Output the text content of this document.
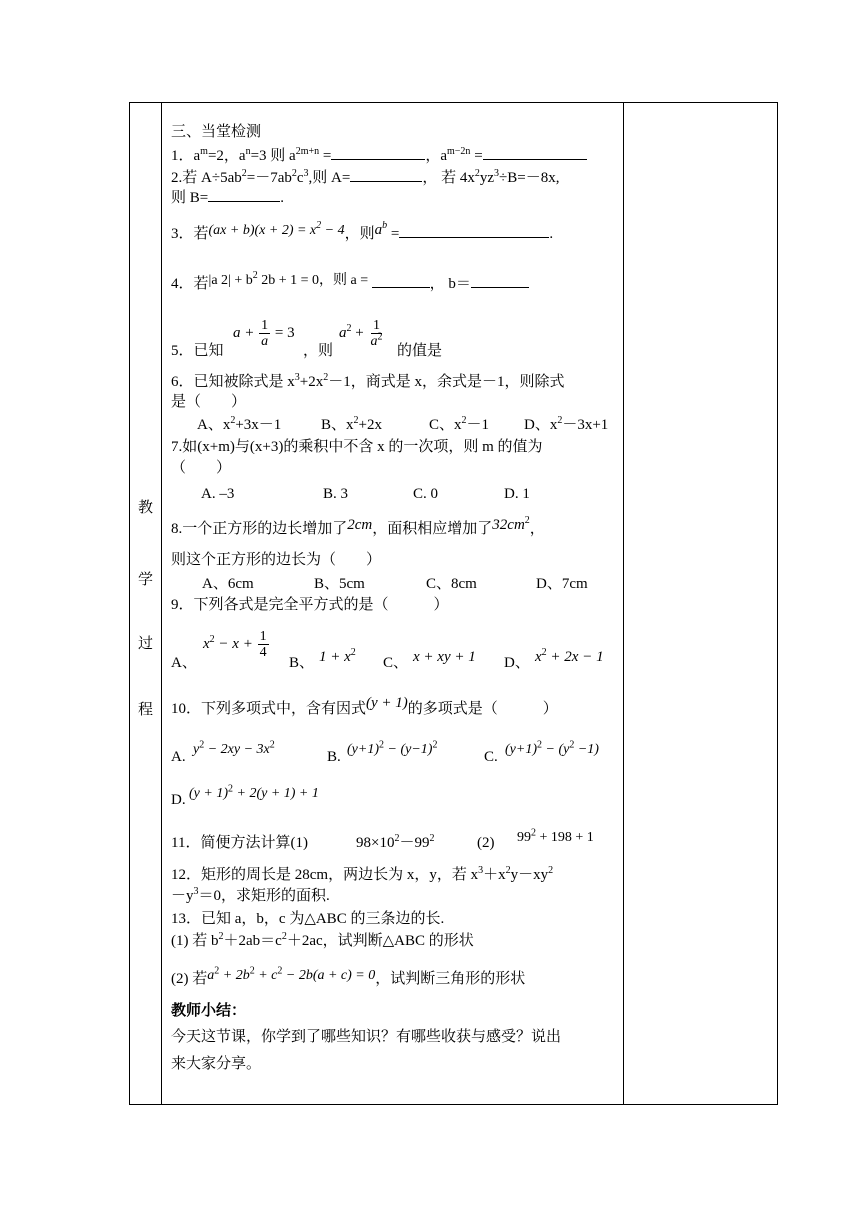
教
学
过
程
三、当堂检测
1．$a^m=2$，$a^n=3$ 则 $a^{2m+n}$ =	，$a^{m-2n}$ =
2.若 $A\div 5ab^2=-7ab^2c^3$,则 A=	， 若 $4x^2yz^3\div B=-8x$,
则 B=	.
3．若$(ax + b)(x + 2) = x^2 - 4$，则$a^b$ =	.
4．若|a $2| + b^2$ 2b + 1 = 0，则 a =	， b＝
5．已知
$a + \frac{1}{a} = 3$
，则
$a^2 + \frac{1}{a^2}$
的值是
6．已知被除式是 $x^3+2x^2-1$，商式是 x，余式是－1，则除式
是（　　）
A、$x^2+3x-1$	B、$x^2+2x$	C、$x^2-1$ D、$x^2-3x+1$
7.如(x+m)与(x+3)的乘积中不含 x 的一次项，则 m 的值为
（　　）
A. –3	B. 3	C. 0	D. 1
8.一个正方形的边长增加了2cm，面积相应增加了$32cm^2$，
则这个正方形的边长为（　　）
A、6cm	B、5cm	C、8cm	D、7cm
9．下列各式是完全平方式的是（　　　）
A、
$x^2 - x + \frac{1}{4}$
B、 $1 + x^2$
C、 x + xy + 1 D、 $x^2 + 2x - 1$
10．下列多项式中，含有因式(y + 1)的多项式是（　　　）
A. $y^2 - 2xy - 3x^2$
B. $(y+1)^2 - (y-1)^2$
C. $(y+1)^2 - (y^2 -1)$
D. $(y + 1)^2 + 2(y + 1) + 1$
11．简便方法计算(1)	$98\times 10^2-99^2$	(2) $99^2 + 198 + 1$
12．矩形的周长是 28cm，两边长为 x，y，若 $x^3+x^2y-xy^2$
$-y^3=0$，求矩形的面积.
13．已知 a，b，c 为△ABC 的三条边的长.
(1) 若 $b^2+2ab=c^2+2ac$，试判断△ABC 的形状
(2) 若$a^2 + 2b^2 + c^2 - 2b(a + c) = 0$，试判断三角形的形状
教师小结：
今天这节课，你学到了哪些知识？有哪些收获与感受？说出
来大家分享。
